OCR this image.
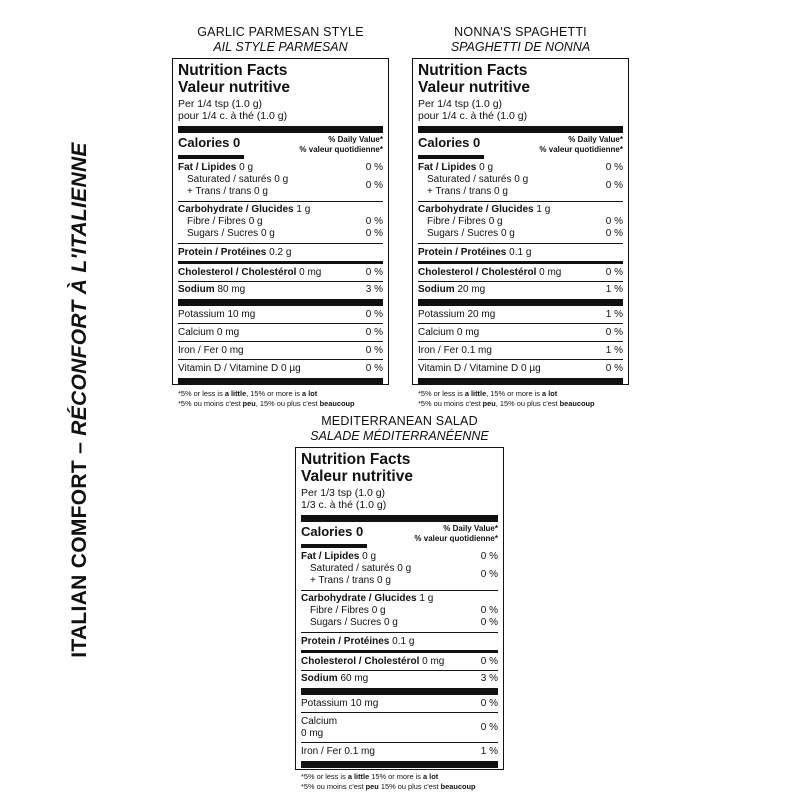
ITALIAN COMFORT – RÉCONFORT À L'ITALIENNE
GARLIC PARMESAN STYLE
AIL STYLE PARMESAN
Nutrition Facts
Valeur nutritive
Per 1/4 tsp (1.0 g)
pour 1/4 c. à thé (1.0 g)
Calories 0	% Daily Value*
% valeur quotidienne*
Fat / Lipides 0 g	0 %
Saturated / saturés 0 g
+ Trans / trans 0 g
0 %
Carbohydrate / Glucides 1 g
Fibre / Fibres 0 g	0 %
Sugars / Sucres 0 g	0 %
Protein / Protéines 0.2 g
Cholesterol / Cholestérol 0 mg	0 %
Sodium 80 mg	3 %
Potassium 10 mg	0 %
Calcium 0 mg	0 %
Iron / Fer 0 mg	0 %
Vitamin D / Vitamine D 0 µg	0 %
*5% or less is a little, 15% or more is a lot
*5% ou moins c'est peu, 15% ou plus c'est beaucoup
NONNA'S SPAGHETTI
SPAGHETTI DE NONNA
Nutrition Facts
Valeur nutritive
Per 1/4 tsp (1.0 g)
pour 1/4 c. à thé (1.0 g)
Calories 0	% Daily Value*
% valeur quotidienne*
Fat / Lipides 0 g	0 %
Saturated / saturés 0 g
+ Trans / trans 0 g
0 %
Carbohydrate / Glucides 1 g
Fibre / Fibres 0 g	0 %
Sugars / Sucres 0 g	0 %
Protein / Protéines 0.1 g
Cholesterol / Cholestérol 0 mg	0 %
Sodium 20 mg	1 %
Potassium 20 mg	1 %
Calcium 0 mg	0 %
Iron / Fer 0.1 mg	1 %
Vitamin D / Vitamine D 0 µg	0 %
*5% or less is a little, 15% or more is a lot
*5% ou moins c'est peu, 15% ou plus c'est beaucoup
MEDITERRANEAN SALAD
SALADE MÉDITERRANÉENNE
Nutrition Facts
Valeur nutritive
Per 1/3 tsp (1.0 g)
1/3 c. à thé (1.0 g)
Calories 0	% Daily Value*
% valeur quotidienne*
Fat / Lipides 0 g	0 %
Saturated / saturés 0 g
+ Trans / trans 0 g
0 %
Carbohydrate / Glucides 1 g
Fibre / Fibres 0 g	0 %
Sugars / Sucres 0 g	0 %
Protein / Protéines 0.1 g
Cholesterol / Cholestérol 0 mg	0 %
Sodium 60 mg	3 %
Potassium 10 mg	0 %
Calcium
0 mg
0 %
Iron / Fer 0.1 mg	1 %
*5% or less is a little 15% or more is a lot
*5% ou moins c'est peu 15% ou plus c'est beaucoup
